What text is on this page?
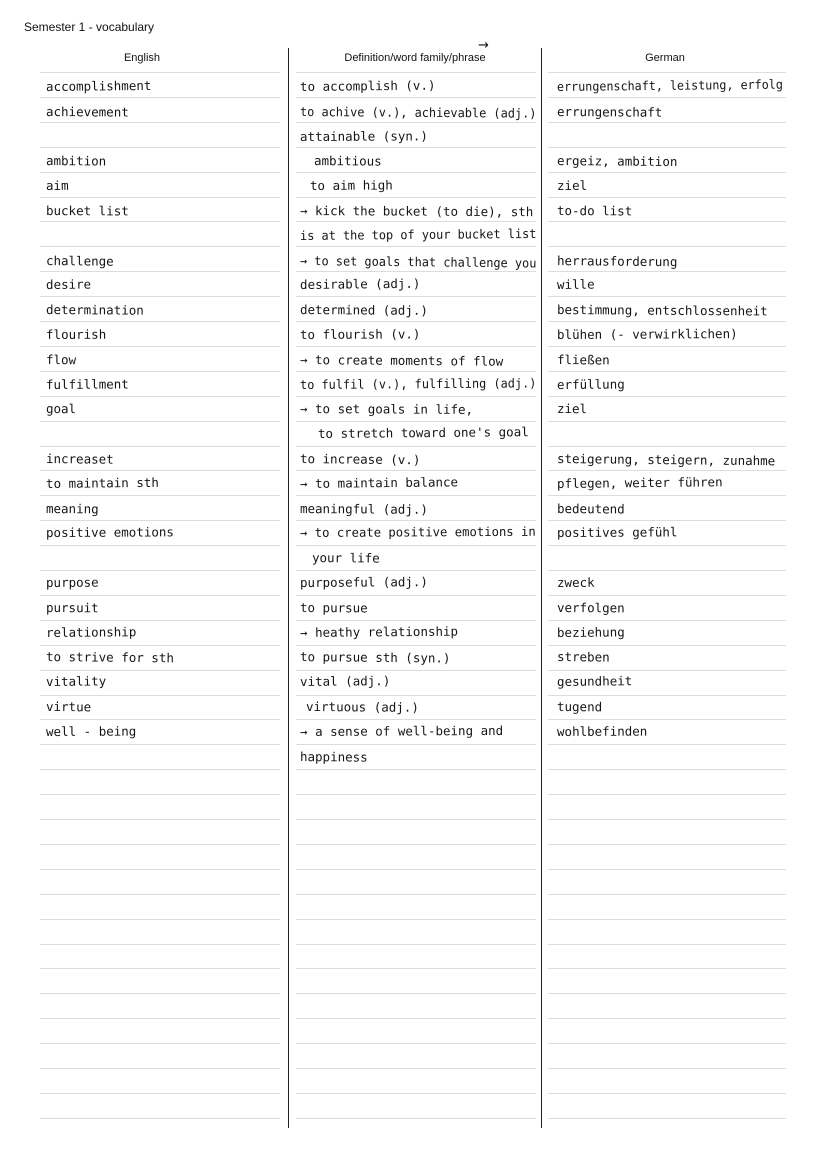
Semester 1 - vocabulary
→
English	Definition/word family/phrase	German
accomplishment
achievement
ambition
aim
bucket list
challenge
desire
determination
flourish
flow
fulfillment
goal
increaset
to maintain sth
meaning
positive emotions
purpose
pursuit
relationship
to strive for sth
vitality
virtue
well - being
to accomplish (v.)
to achive (v.), achievable (adj.)
attainable (syn.)
ambitious
to aim high
→ kick the bucket (to die), sth
is at the top of your bucket list
→ to set goals that challenge you
desirable (adj.)
determined (adj.)
to flourish (v.)
→ to create moments of flow
to fulfil (v.), fulfilling (adj.)
→ to set goals in life,
to stretch toward one's goal
to increase (v.)
→ to maintain balance
meaningful (adj.)
→ to create positive emotions in
your life
purposeful (adj.)
to pursue
→ heathy relationship
to pursue sth (syn.)
vital (adj.)
virtuous (adj.)
→ a sense of well-being and
happiness
errungenschaft, leistung, erfolg
errungenschaft
ergeiz, ambition
ziel
to-do list
herrausforderung
wille
bestimmung, entschlossenheit
blühen (- verwirklichen)
fließen
erfüllung
ziel
steigerung, steigern, zunahme
pflegen, weiter führen
bedeutend
positives gefühl
zweck
verfolgen
beziehung
streben
gesundheit
tugend
wohlbefinden
